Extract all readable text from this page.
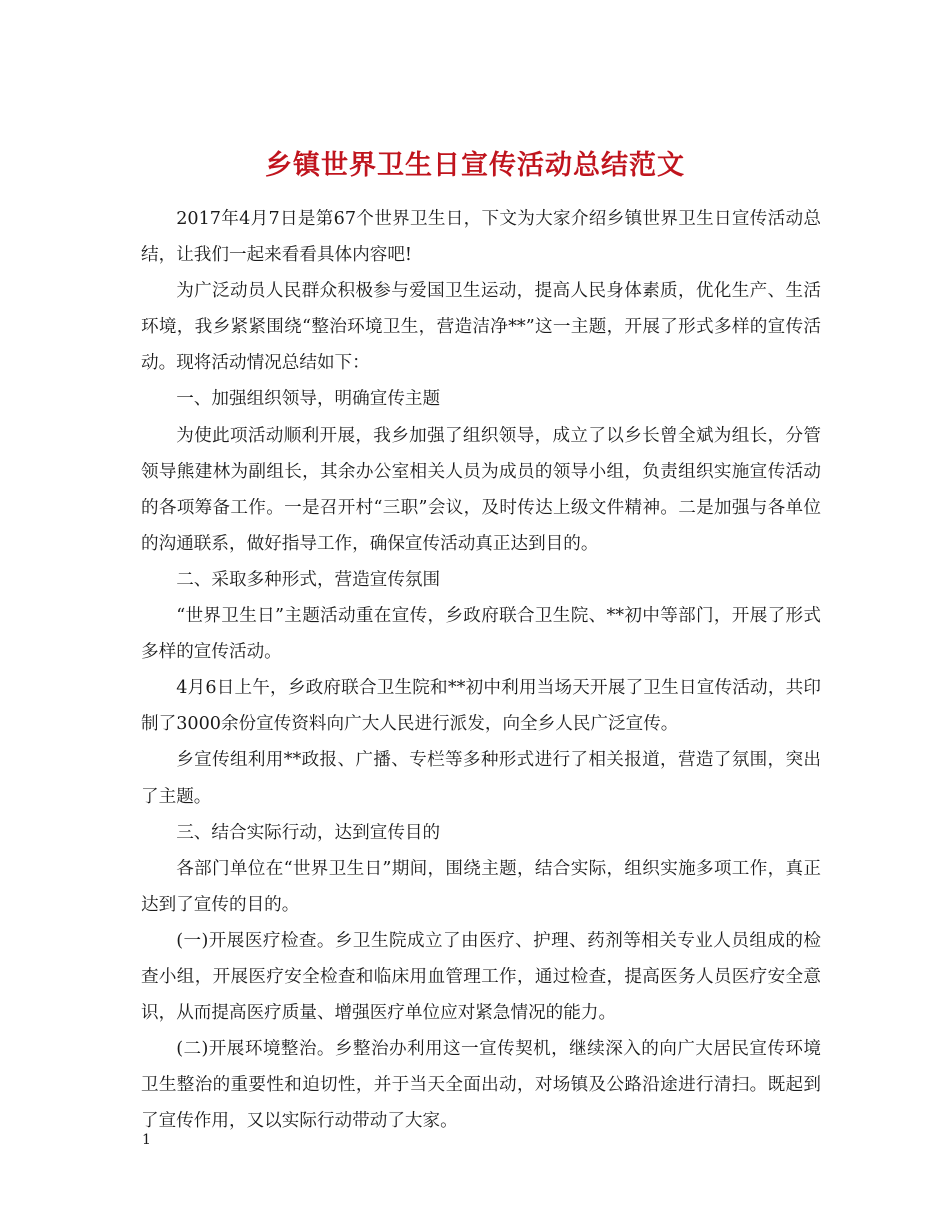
乡镇世界卫生日宣传活动总结范文

2017年4月7日是第67个世界卫生日，下文为大家介绍乡镇世界卫生日宣传活动总结，让我们一起来看看具体内容吧!

为广泛动员人民群众积极参与爱国卫生运动，提高人民身体素质，优化生产、生活环境，我乡紧紧围绕“整治环境卫生，营造洁净**”这一主题，开展了形式多样的宣传活动。现将活动情况总结如下：

一、加强组织领导，明确宣传主题

为使此项活动顺利开展，我乡加强了组织领导，成立了以乡长曾全斌为组长，分管领导熊建林为副组长，其余办公室相关人员为成员的领导小组，负责组织实施宣传活动的各项筹备工作。一是召开村“三职”会议，及时传达上级文件精神。二是加强与各单位的沟通联系，做好指导工作，确保宣传活动真正达到目的。

二、采取多种形式，营造宣传氛围

“世界卫生日”主题活动重在宣传，乡政府联合卫生院、**初中等部门，开展了形式多样的宣传活动。

4月6日上午，乡政府联合卫生院和**初中利用当场天开展了卫生日宣传活动，共印制了3000余份宣传资料向广大人民进行派发，向全乡人民广泛宣传。

乡宣传组利用**政报、广播、专栏等多种形式进行了相关报道，营造了氛围，突出了主题。

三、结合实际行动，达到宣传目的

各部门单位在“世界卫生日”期间，围绕主题，结合实际，组织实施多项工作，真正达到了宣传的目的。

(一)开展医疗检查。乡卫生院成立了由医疗、护理、药剂等相关专业人员组成的检查小组，开展医疗安全检查和临床用血管理工作，通过检查，提高医务人员医疗安全意识，从而提高医疗质量、增强医疗单位应对紧急情况的能力。

(二)开展环境整治。乡整治办利用这一宣传契机，继续深入的向广大居民宣传环境卫生整治的重要性和迫切性，并于当天全面出动，对场镇及公路沿途进行清扫。既起到了宣传作用，又以实际行动带动了大家。

1
